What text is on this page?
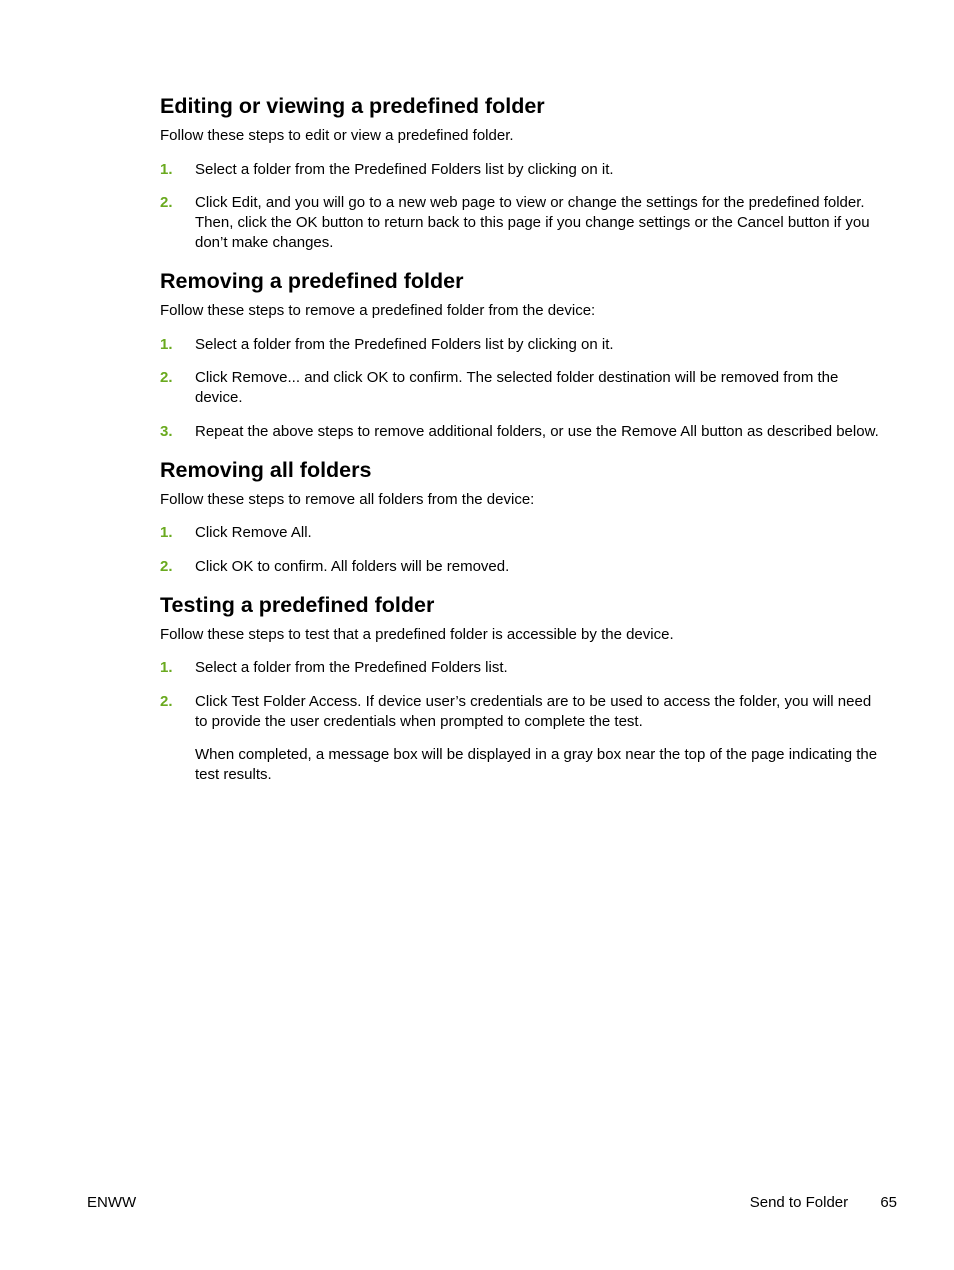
Editing or viewing a predefined folder

Follow these steps to edit or view a predefined folder.

1. Select a folder from the Predefined Folders list by clicking on it.
2. Click Edit, and you will go to a new web page to view or change the settings for the predefined folder. Then, click the OK button to return back to this page if you change settings or the Cancel button if you don’t make changes.
Removing a predefined folder

Follow these steps to remove a predefined folder from the device:

1. Select a folder from the Predefined Folders list by clicking on it.
2. Click Remove... and click OK to confirm. The selected folder destination will be removed from the device.
3. Repeat the above steps to remove additional folders, or use the Remove All button as described below.
Removing all folders

Follow these steps to remove all folders from the device:

1. Click Remove All.
2. Click OK to confirm. All folders will be removed.
Testing a predefined folder

Follow these steps to test that a predefined folder is accessible by the device.

1. Select a folder from the Predefined Folders list.
2. Click Test Folder Access. If device user’s credentials are to be used to access the folder, you will need to provide the user credentials when prompted to complete the test.
When completed, a message box will be displayed in a gray box near the top of the page indicating the test results.
ENWW	Send to Folder 65
